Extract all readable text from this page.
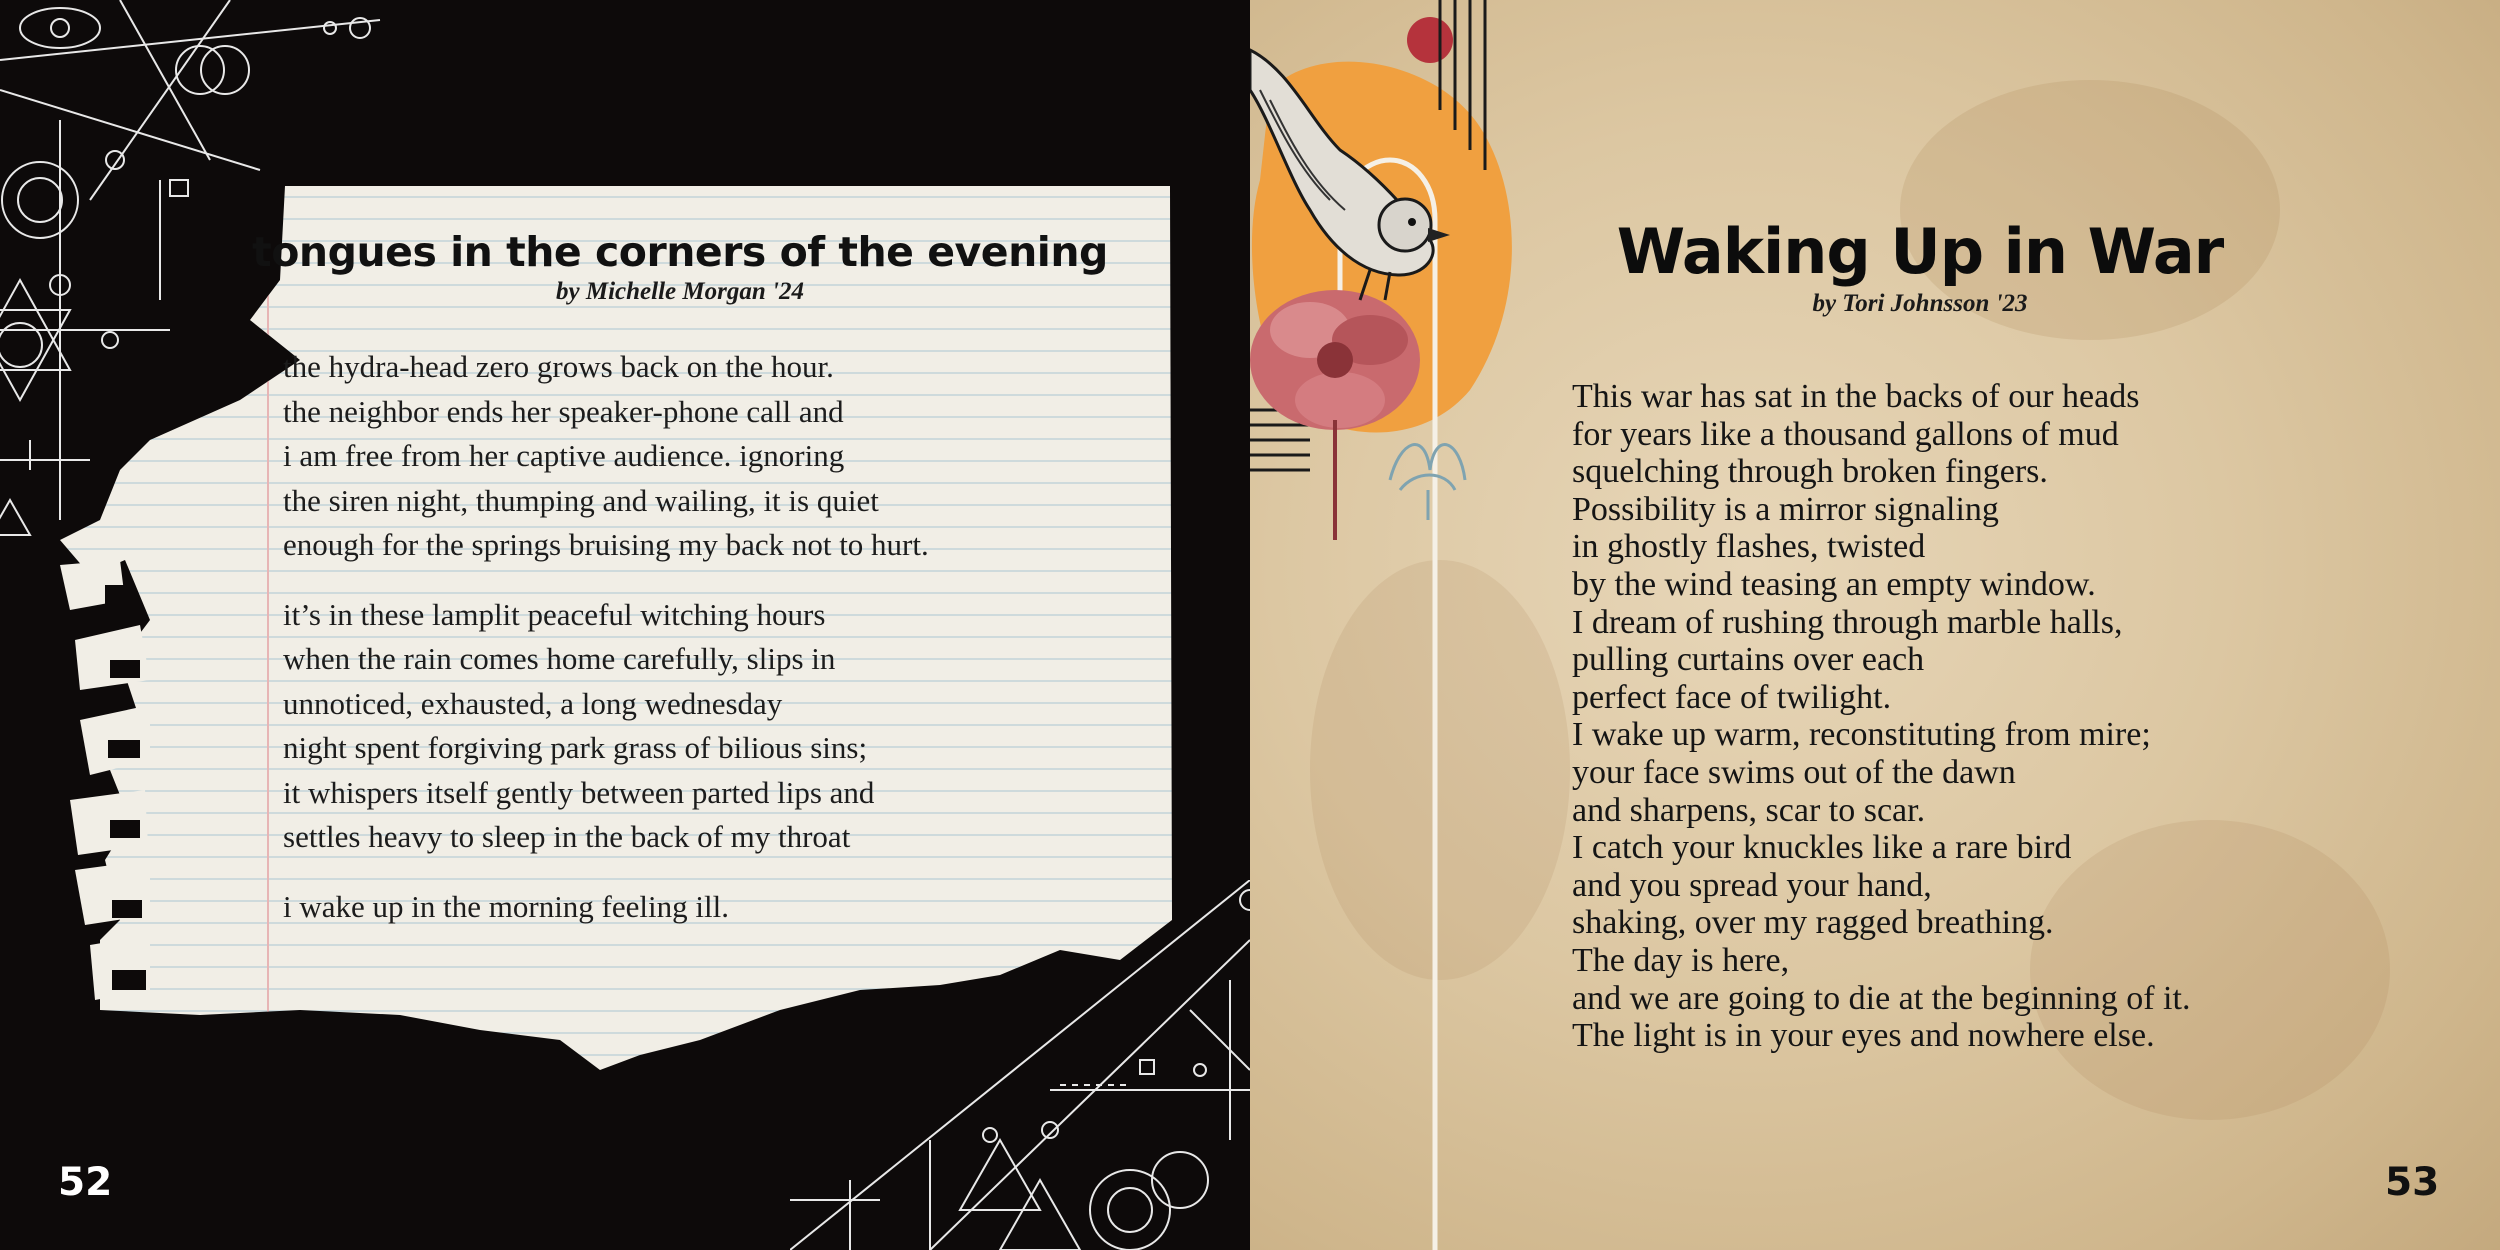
tongues in the corners of the evening
by Michelle Morgan '24
the hydra-head zero grows back on the hour.
the neighbor ends her speaker-phone call and
i am free from her captive audience. ignoring
the siren night, thumping and wailing, it is quiet
enough for the springs bruising my back not to hurt.
it’s in these lamplit peaceful witching hours
when the rain comes home carefully, slips in
unnoticed, exhausted, a long wednesday
night spent forgiving park grass of bilious sins;
it whispers itself gently between parted lips and
settles heavy to sleep in the back of my throat
i wake up in the morning feeling ill.
52	53
Waking Up in War
by Tori Johnsson '23
This war has sat in the backs of our heads
for years like a thousand gallons of mud
squelching through broken fingers.
Possibility is a mirror signaling
in ghostly flashes, twisted
by the wind teasing an empty window.
I dream of rushing through marble halls,
pulling curtains over each
perfect face of twilight.
I wake up warm, reconstituting from mire;
your face swims out of the dawn
and sharpens, scar to scar.
I catch your knuckles like a rare bird
and you spread your hand,
shaking, over my ragged breathing.
The day is here,
and we are going to die at the beginning of it.
The light is in your eyes and nowhere else.
